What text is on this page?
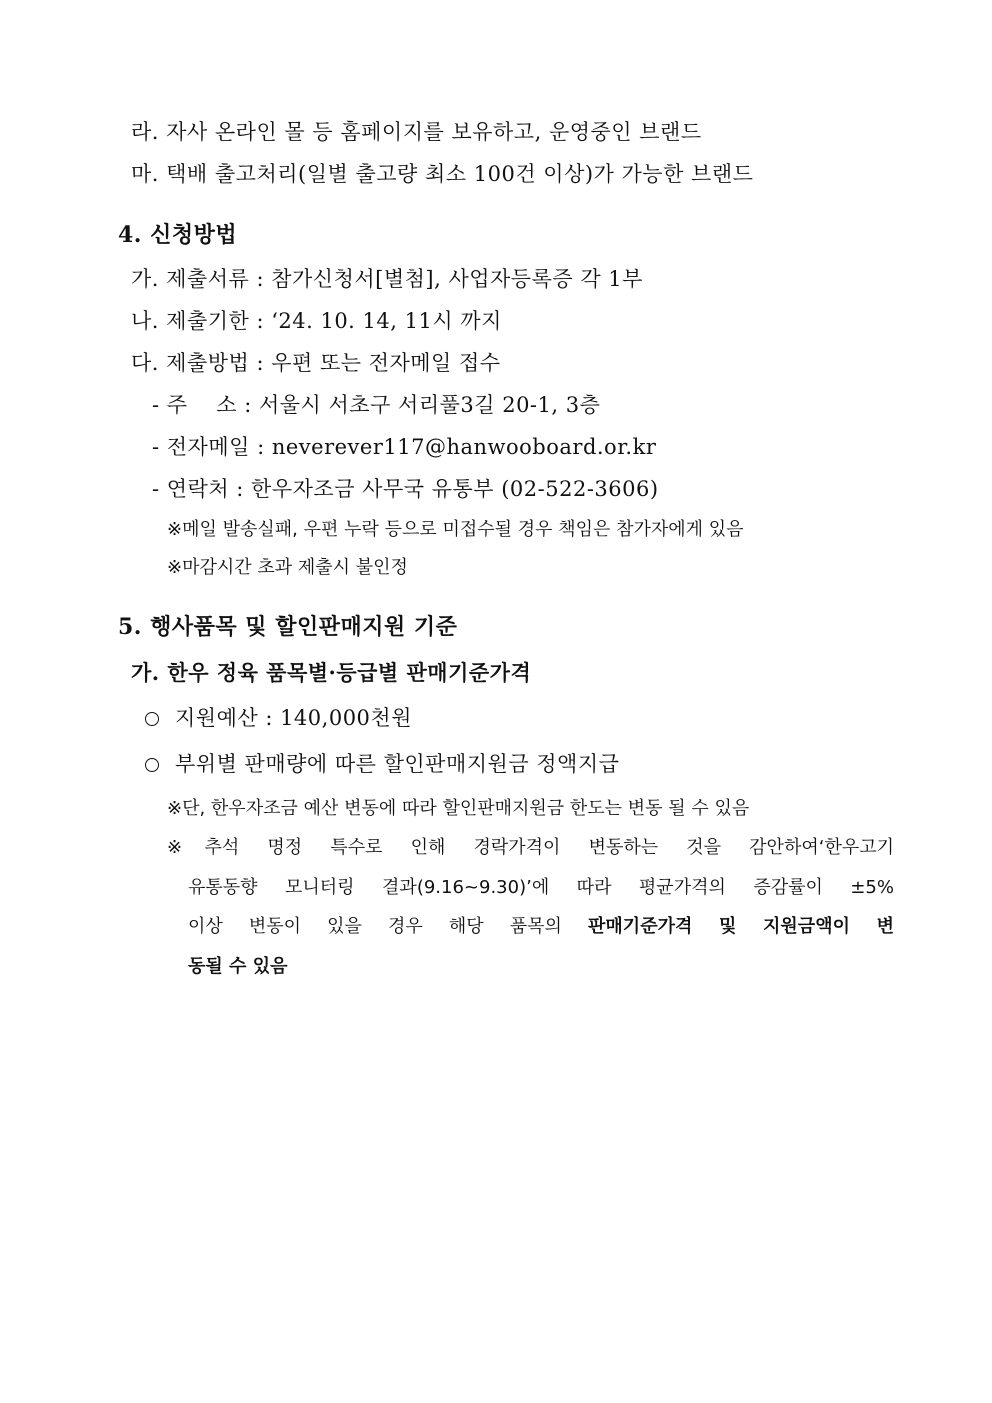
라. 자사 온라인 몰 등 홈페이지를 보유하고, 운영중인 브랜드
마. 택배 출고처리(일별 출고량 최소 100건 이상)가 가능한 브랜드
4. 신청방법
가. 제출서류 : 참가신청서[별첨], 사업자등록증 각 1부
나. 제출기한 : ‘24. 10. 14, 11시 까지
다. 제출방법 : 우편 또는 전자메일 접수
- 주    소 : 서울시 서초구 서리풀3길 20-1, 3층
- 전자메일 : neverever117@hanwooboard.or.kr
- 연락처 : 한우자조금 사무국 유통부 (02-522-3606)
※메일 발송실패, 우편 누락 등으로 미접수될 경우 책임은 참가자에게 있음
※마감시간 초과 제출시 불인정
5. 행사품목 및 할인판매지원 기준
가. 한우 정육 품목별·등급별 판매기준가격
지원예산 : 140,000천원
부위별 판매량에 따른 할인판매지원금 정액지급
※단, 한우자조금 예산 변동에 따라 할인판매지원금 한도는 변동 될 수 있음
※추석 명정 특수로 인해 경락가격이 변동하는 것을 감안하여‘한우고기
유통동향 모니터링 결과(9.16~9.30)’에 따라 평균가격의 증감률이 ±5%
이상 변동이 있을 경우 해당 품목의 판매기준가격 및 지원금액이 변
동될 수 있음
